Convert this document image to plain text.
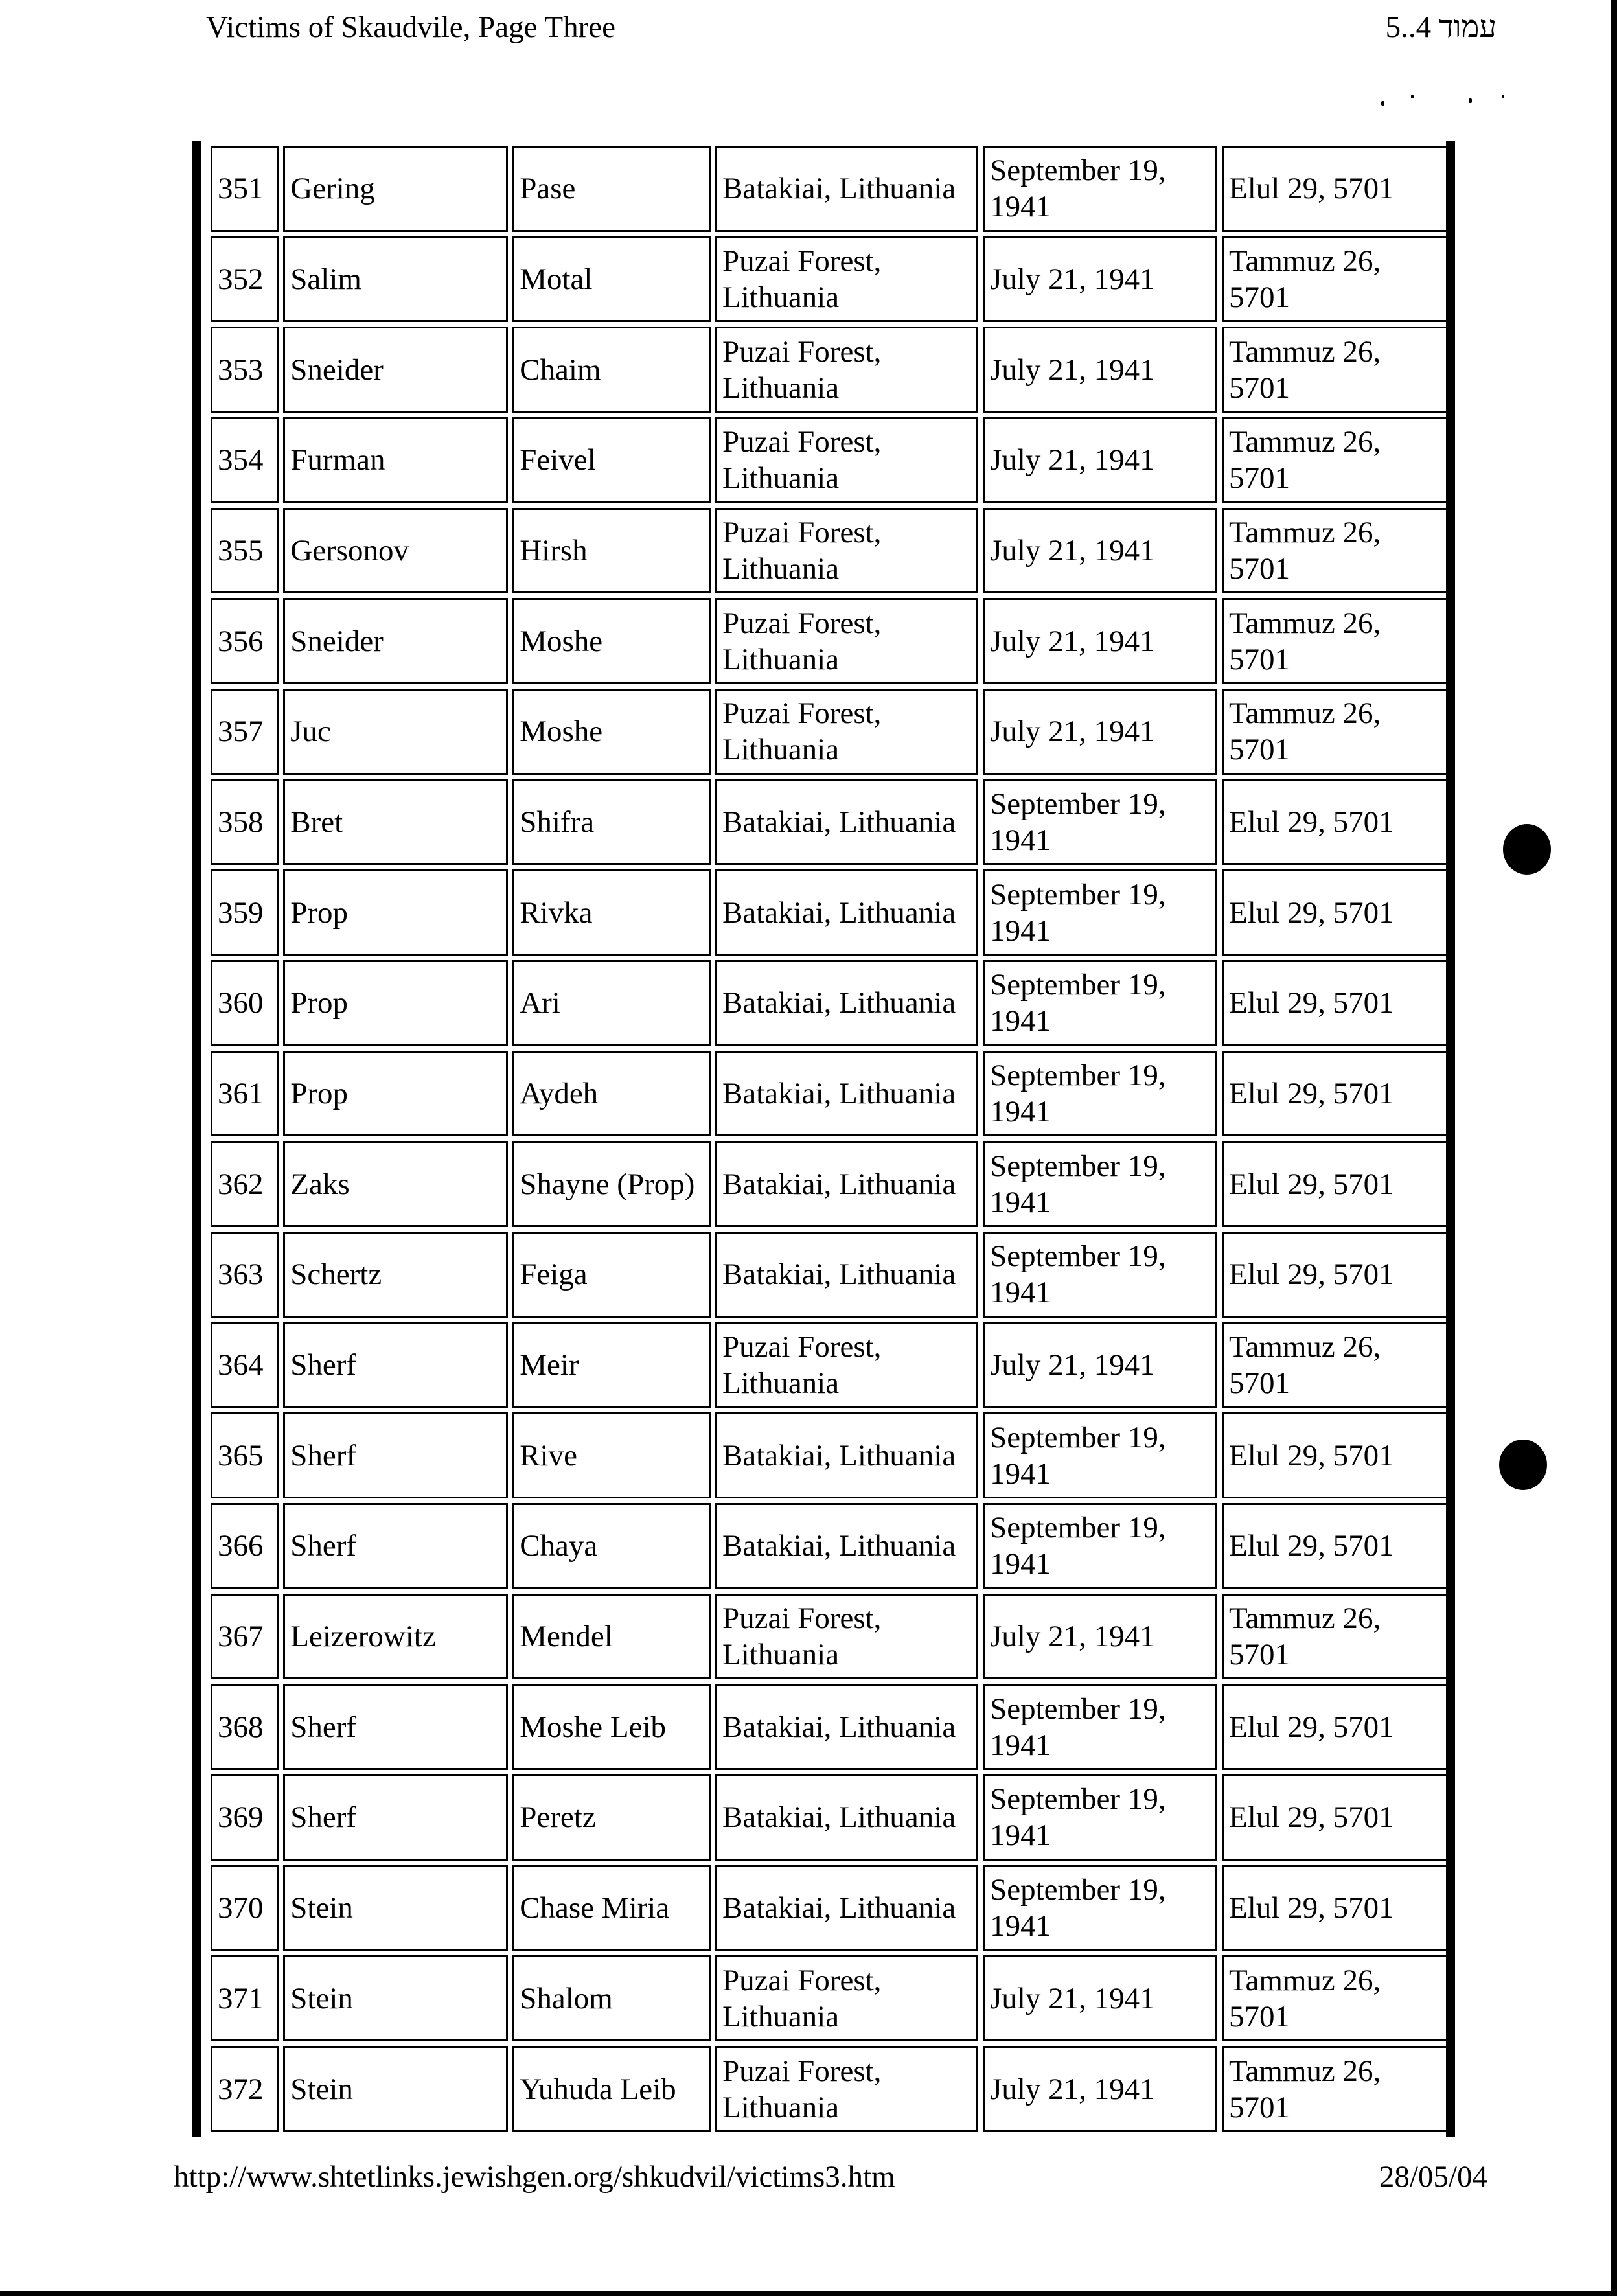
Victims of Skaudvile, Page Three	עמוד 4..5
351	Gering	Pase	Batakiai, Lithuania	September 19, 1941	Elul 29, 5701
352	Salim	Motal	Puzai Forest, Lithuania	July 21, 1941	Tammuz 26, 5701
353	Sneider	Chaim	Puzai Forest, Lithuania	July 21, 1941	Tammuz 26, 5701
354	Furman	Feivel	Puzai Forest, Lithuania	July 21, 1941	Tammuz 26, 5701
355	Gersonov	Hirsh	Puzai Forest, Lithuania	July 21, 1941	Tammuz 26, 5701
356	Sneider	Moshe	Puzai Forest, Lithuania	July 21, 1941	Tammuz 26, 5701
357	Juc	Moshe	Puzai Forest, Lithuania	July 21, 1941	Tammuz 26, 5701
358	Bret	Shifra	Batakiai, Lithuania	September 19, 1941	Elul 29, 5701
359	Prop	Rivka	Batakiai, Lithuania	September 19, 1941	Elul 29, 5701
360	Prop	Ari	Batakiai, Lithuania	September 19, 1941	Elul 29, 5701
361	Prop	Aydeh	Batakiai, Lithuania	September 19, 1941	Elul 29, 5701
362	Zaks	Shayne (Prop)	Batakiai, Lithuania	September 19, 1941	Elul 29, 5701
363	Schertz	Feiga	Batakiai, Lithuania	September 19, 1941	Elul 29, 5701
364	Sherf	Meir	Puzai Forest, Lithuania	July 21, 1941	Tammuz 26, 5701
365	Sherf	Rive	Batakiai, Lithuania	September 19, 1941	Elul 29, 5701
366	Sherf	Chaya	Batakiai, Lithuania	September 19, 1941	Elul 29, 5701
367	Leizerowitz	Mendel	Puzai Forest, Lithuania	July 21, 1941	Tammuz 26, 5701
368	Sherf	Moshe Leib	Batakiai, Lithuania	September 19, 1941	Elul 29, 5701
369	Sherf	Peretz	Batakiai, Lithuania	September 19, 1941	Elul 29, 5701
370	Stein	Chase Miria	Batakiai, Lithuania	September 19, 1941	Elul 29, 5701
371	Stein	Shalom	Puzai Forest, Lithuania	July 21, 1941	Tammuz 26, 5701
372	Stein	Yuhuda Leib	Puzai Forest, Lithuania	July 21, 1941	Tammuz 26, 5701
http://www.shtetlinks.jewishgen.org/shkudvil/victims3.htm	28/05/04
